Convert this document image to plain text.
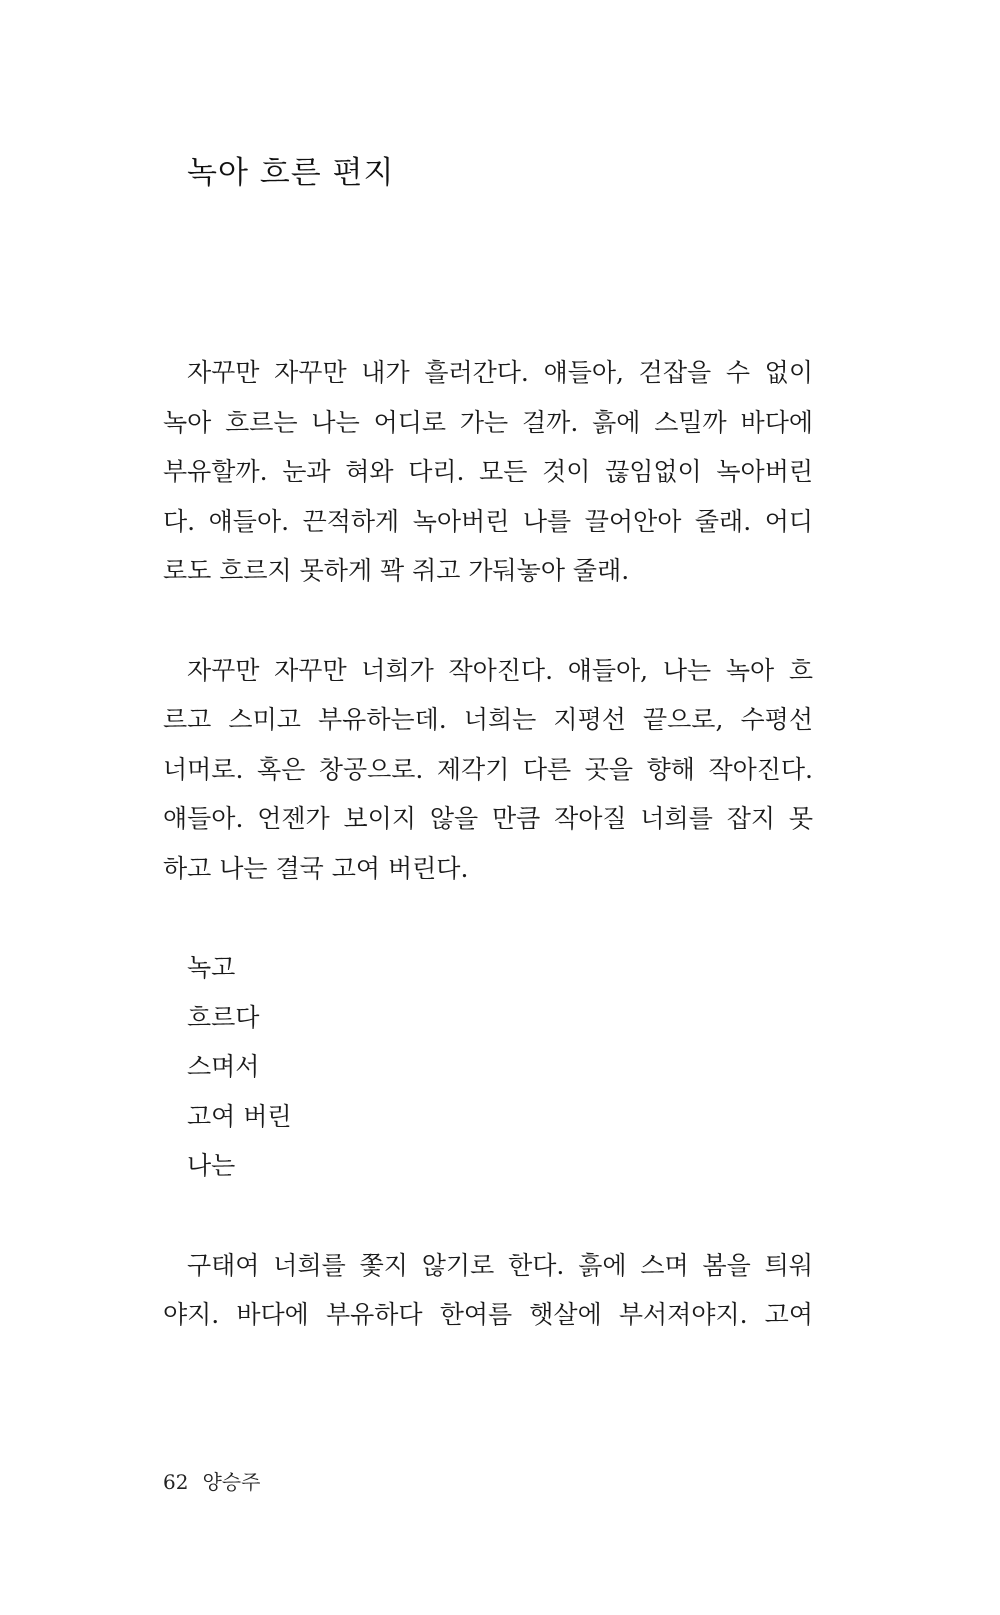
녹아 흐른 편지

자꾸만 자꾸만 내가 흘러간다. 얘들아, 걷잡을 수 없이
녹아 흐르는 나는 어디로 가는 걸까. 흙에 스밀까 바다에
부유할까. 눈과 혀와 다리. 모든 것이 끊임없이 녹아버린
다. 얘들아. 끈적하게 녹아버린 나를 끌어안아 줄래. 어디
로도 흐르지 못하게 꽉 쥐고 가둬놓아 줄래.

자꾸만 자꾸만 너희가 작아진다. 얘들아, 나는 녹아 흐
르고 스미고 부유하는데. 너희는 지평선 끝으로, 수평선
너머로. 혹은 창공으로. 제각기 다른 곳을 향해 작아진다.
얘들아. 언젠가 보이지 않을 만큼 작아질 너희를 잡지 못
하고 나는 결국 고여 버린다.

녹고
흐르다
스며서
고여 버린
나는

구태여 너희를 쫓지 않기로 한다. 흙에 스며 봄을 틔워
야지. 바다에 부유하다 한여름 햇살에 부서져야지. 고여

62 양승주
